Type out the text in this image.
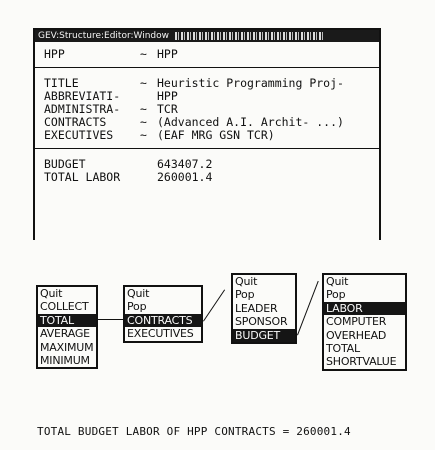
GEV:Structure:Editor:Window
HPP	~ HPP
TITLE	~ Heuristic Programming Proj-
ABBREVIATI-	HPP
ADMINISTRA- ~ TCR
CONTRACTS	~ (Advanced A.I. Archit- ...)
EXECUTIVES ~ (EAF MRG GSN TCR)
BUDGET	643407.2
TOTAL LABOR	260001.4
Quit
COLLECT
TOTAL
AVERAGE
MAXIMUM
MINIMUM
Quit
Pop
CONTRACTS
EXECUTIVES
Quit
Pop
LEADER
SPONSOR
BUDGET
Quit
Pop
LABOR
COMPUTER
OVERHEAD
TOTAL
SHORTVALUE
TOTAL BUDGET LABOR OF HPP CONTRACTS = 260001.4
